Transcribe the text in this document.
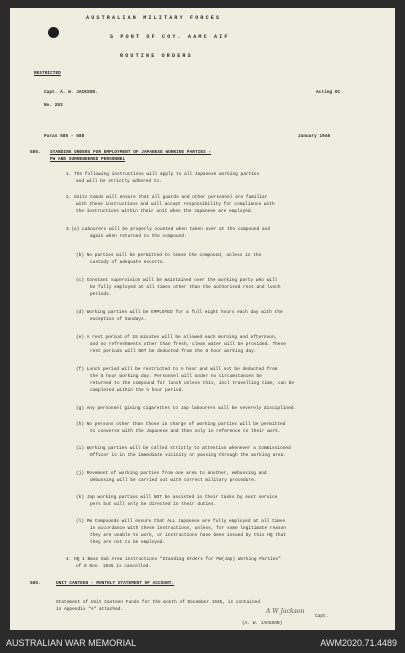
AUSTRALIAN MILITARY FORCES
S PONT OF COY. AAMC AIF
ROUTINE ORDERS
RESTRICTED
Capt. A. W. JACKSON.	Acting OC
No. 202
Paras 585 - 588	January 1946
585. STANDING ORDERS FOR EMPLOYMENT OF JAPANESE WORKING PARTIES -
PW AND SURRENDERED PERSONNEL
1. The following instructions will apply to all Japanese working parties
and will be strictly adhered to.
2. Units Comds will ensure that all guards and other personnel are familiar
with these instructions and will accept responsibility for compliance with
the instructions within their unit when the Japanese are employed.
3.(a) Labourers will be properly counted when taken over at the compound and
again when returned to the compound.
(b) No parties will be permitted to leave the compound, unless in the
custody of adequate escorts.
(c) Constant supervision will be maintained over the working party who will
be fully employed at all times other than the authorised rest and lunch
periods.
(d) Working parties will be EMPLOYED for a full eight hours each day with the
exception of Sundays.
(e) A rest period of 15 minutes will be allowed each morning and afternoon,
and no refreshments other than fresh, clean water will be provided. These
rest periods will NOT be deducted from the 8 hour working day.
(f) Lunch period will be restricted to ½ hour and will not be deducted from
the 8 hour working day. Personnel will under no circumstances be
returned to the compound for lunch unless this, incl travelling time, can be
completed within the ½ hour period.
(g) Any personnel giving cigarettes to Jap labourers will be severely disciplined.
(h) No persons other than those in charge of working parties will be permitted
to converse with the Japanese and then only in reference to their work.
(i) Working parties will be called strictly to attention whenever a Commissioned
Officer is in the immediate vicinity or passing through the working area.
(j) Movement of working parties from one area to another, embussing and
debussing will be carried out with correct military procedure.
(k) Jap working parties will NOT be assisted in their tasks by Aust service
pers but will only be directed in their duties.
(l) PW Compounds will ensure that ALL Japanese are fully employed at all times
in accordance with these instructions, unless, for some legitimate reason
they are unable to work, or instructions have been issued by this HQ that
they are not to be employed.
4. HQ 1 Base Sub Area instructions "Standing Orders for PW(Jap) Working Parties"
of 6 Nov. 1945 is cancelled.
586.	UNIT CANTEEN - MONTHLY STATEMENT OF ACCOUNT.
Statement of Unit Canteen Funds for the month of December 1945, is contained
in Appendix "A" attached.	A W Jackson
Capt.
(A. W. JACKSON)
AUSTRALIAN WAR MEMORIAL	AWM2020.71.4489
